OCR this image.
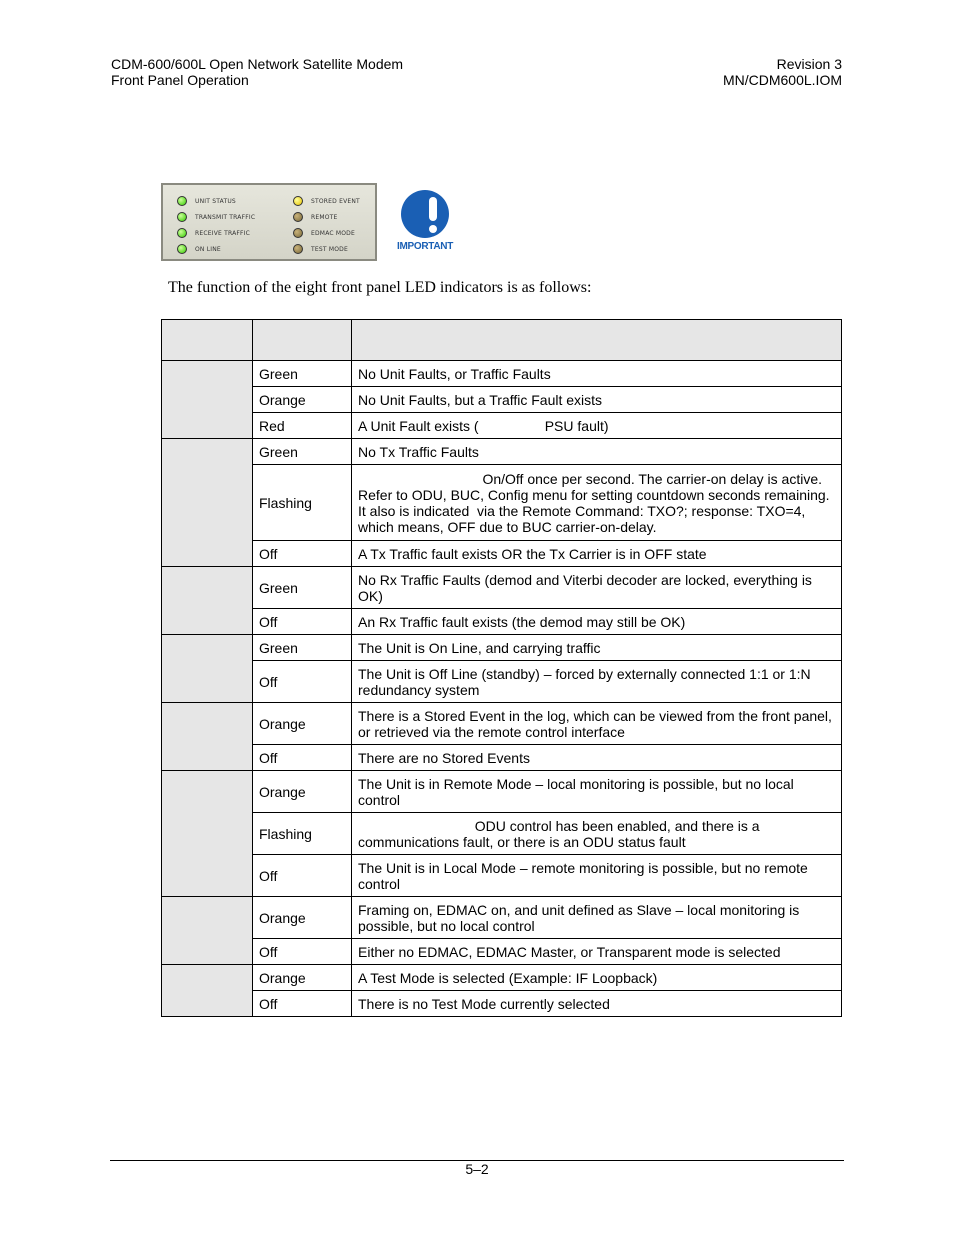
CDM-600/600L Open Network Satellite Modem
Front Panel Operation
Revision 3
MN/CDM600L.IOM
UNIT STATUS
TRANSMIT TRAFFIC
RECEIVE TRAFFIC
ON LINE
STORED EVENT
REMOTE
EDMAC MODE
TEST MODE	IMPORTANT
The function of the eight front panel LED indicators is as follows:

	Green	No Unit Faults, or Traffic Faults
	Orange	No Unit Faults, but a Traffic Fault exists
	Red	A Unit Fault exists (                 PSU fault)
	Green	No Tx Traffic Faults
	Flashing	On/Off once per second. The carrier-on delay is active. Refer to ODU, BUC, Config menu for setting countdown seconds remaining. It also is indicated  via the Remote Command: TXO?; response: TXO=4, which means, OFF due to BUC carrier-on-delay.
	Off	A Tx Traffic fault exists OR the Tx Carrier is in OFF state
	Green	No Rx Traffic Faults (demod and Viterbi decoder are locked, everything is OK)
	Off	An Rx Traffic fault exists (the demod may still be OK)
	Green	The Unit is On Line, and carrying traffic
	Off	The Unit is Off Line (standby) – forced by externally connected 1:1 or 1:N redundancy system
	Orange	There is a Stored Event in the log, which can be viewed from the front panel, or retrieved via the remote control interface
	Off	There are no Stored Events
	Orange	The Unit is in Remote Mode – local monitoring is possible, but no local control
	Flashing	ODU control has been enabled, and there is a communications fault, or there is an ODU status fault
	Off	The Unit is in Local Mode – remote monitoring is possible, but no remote control
	Orange	Framing on, EDMAC on, and unit defined as Slave – local monitoring is possible, but no local control
	Off	Either no EDMAC, EDMAC Master, or Transparent mode is selected
	Orange	A Test Mode is selected (Example: IF Loopback)
	Off	There is no Test Mode currently selected
5–2
